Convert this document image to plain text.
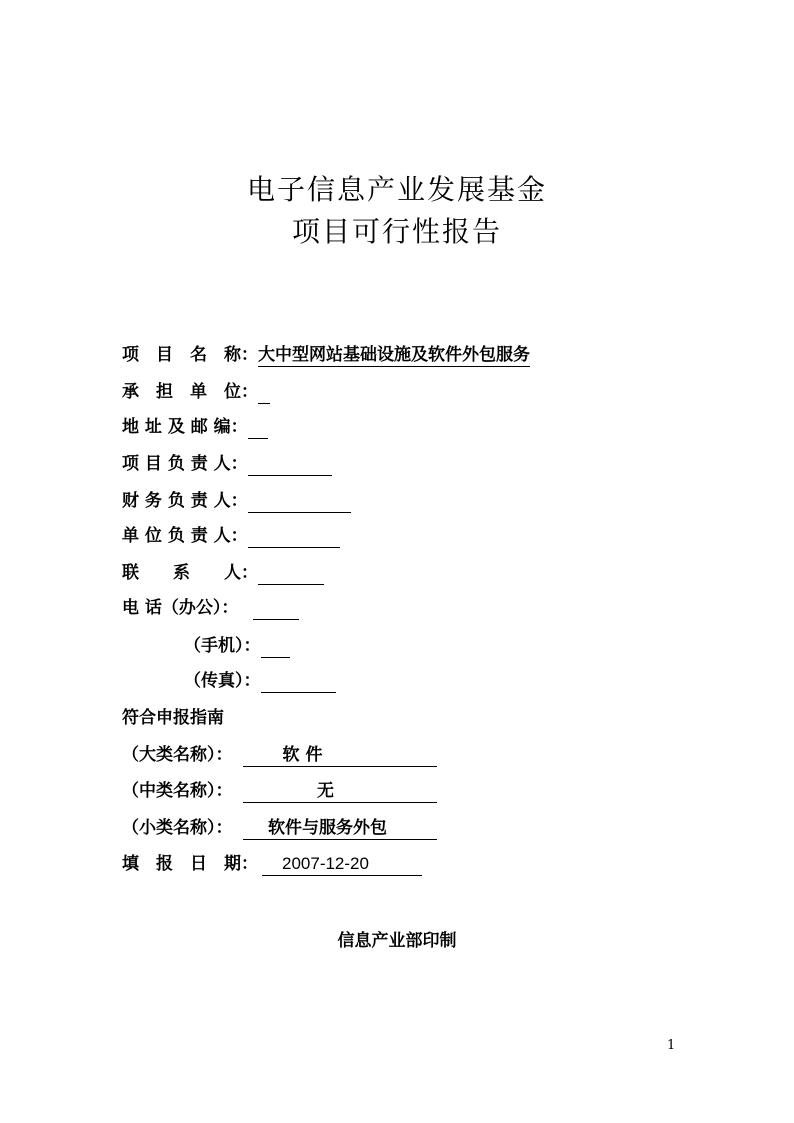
电子信息产业发展基金
项目可行性报告
项　目　名　称：大中型网站基础设施及软件外包服务
承　担　单　位：
地 址 及 邮 编：
项 目 负 责 人：
财 务 负 责 人：
单 位 负 责 人：
联　　系　　人：
电 话（办公）：
（手机）：
（传真）：
符合申报指南
（大类名称）：	软 件
（中类名称）：	无
（小类名称）： 软件与服务外包
填　报　日　期： 2007-12-20
信息产业部印制
1
